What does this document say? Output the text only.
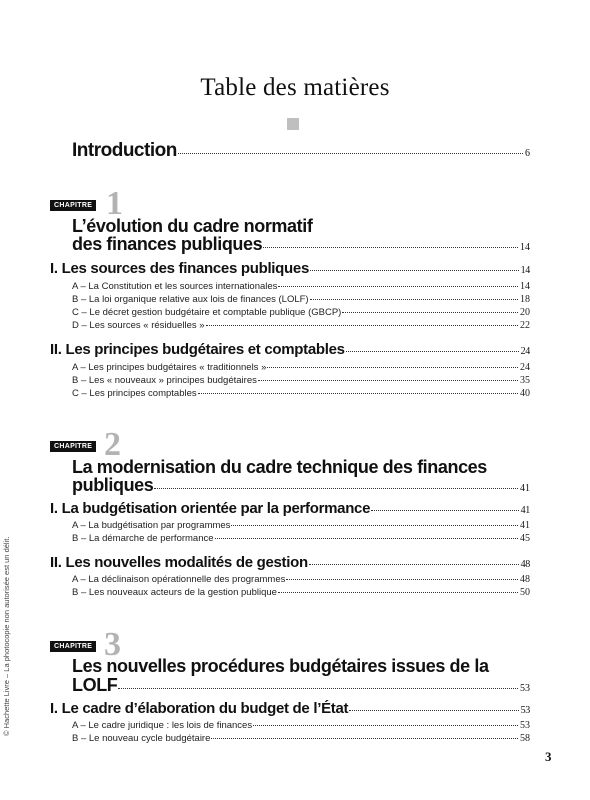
Table des matières
Introduction	6
CHAPITRE 1
L’évolution du cadre normatif
des finances publiques	14
I. Les sources des finances publiques	14
A – La Constitution et les sources internationales	14
B – La loi organique relative aux lois de finances (LOLF)	18
C – Le décret gestion budgétaire et comptable publique (GBCP)	20
D – Les sources « résiduelles »	22
II. Les principes budgétaires et comptables	24
A – Les principes budgétaires « traditionnels »	24
B – Les « nouveaux » principes budgétaires	35
C – Les principes comptables	40
CHAPITRE 2
La modernisation du cadre technique des finances
publiques	41
I. La budgétisation orientée par la performance	41
A – La budgétisation par programmes	41
B – La démarche de performance	45
II. Les nouvelles modalités de gestion	48
A – La déclinaison opérationnelle des programmes	48
B – Les nouveaux acteurs de la gestion publique	50
CHAPITRE 3
Les nouvelles procédures budgétaires issues de la
LOLF	53
I. Le cadre d’élaboration du budget de l’État	53
A – Le cadre juridique : les lois de finances	53
B – Le nouveau cycle budgétaire	58
© Hachette Livre – La photocopie non autorisée est un délit.
3
